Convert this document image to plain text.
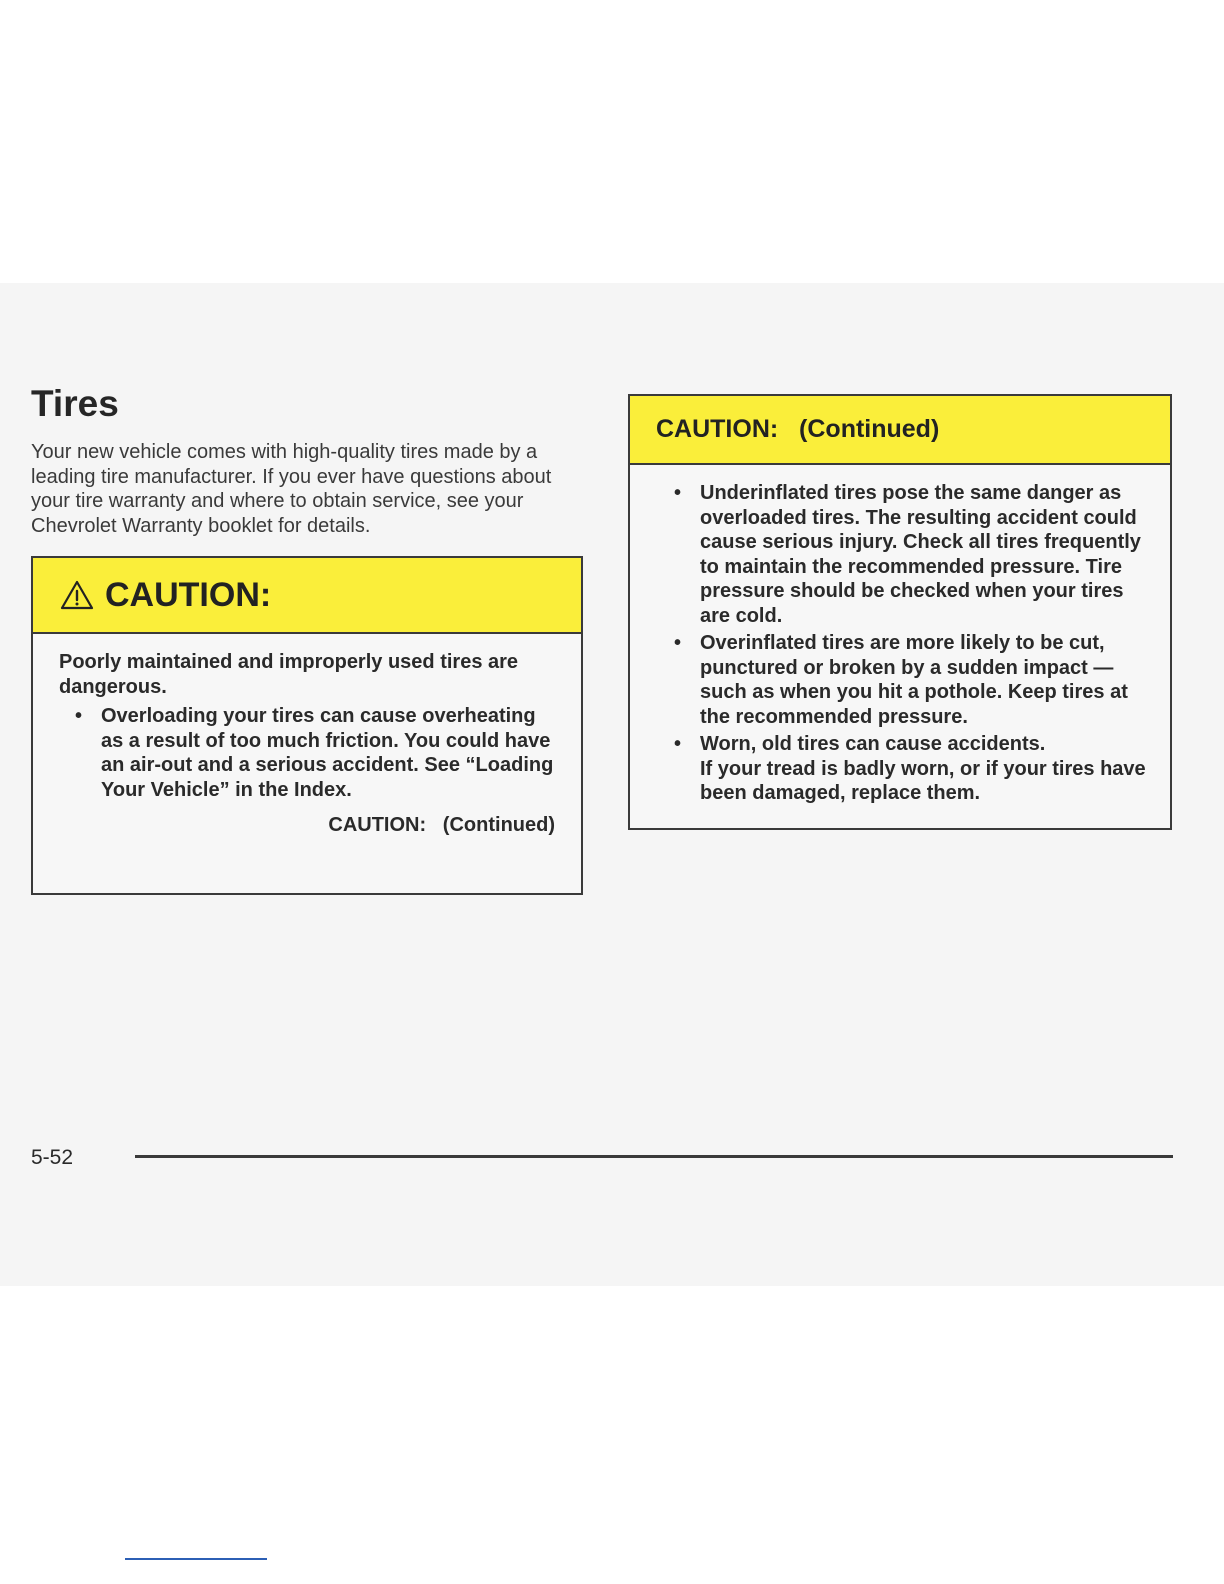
Tires

Your new vehicle comes with high-quality tires made by a leading tire manufacturer. If you ever have questions about your tire warranty and where to obtain service, see your Chevrolet Warranty booklet for details.

CAUTION:

Poorly maintained and improperly used tires are dangerous.

• Overloading your tires can cause overheating as a result of too much friction. You could have an air-out and a serious accident. See “Loading Your Vehicle” in the Index.
CAUTION:   (Continued)
CAUTION:   (Continued)
• Underinflated tires pose the same danger as overloaded tires. The resulting accident could cause serious injury. Check all tires frequently to maintain the recommended pressure. Tire pressure should be checked when your tires are cold.
• Overinflated tires are more likely to be cut, punctured or broken by a sudden impact — such as when you hit a pothole. Keep tires at the recommended pressure.
• Worn, old tires can cause accidents.
If your tread is badly worn, or if your tires have been damaged, replace them.
5-52
